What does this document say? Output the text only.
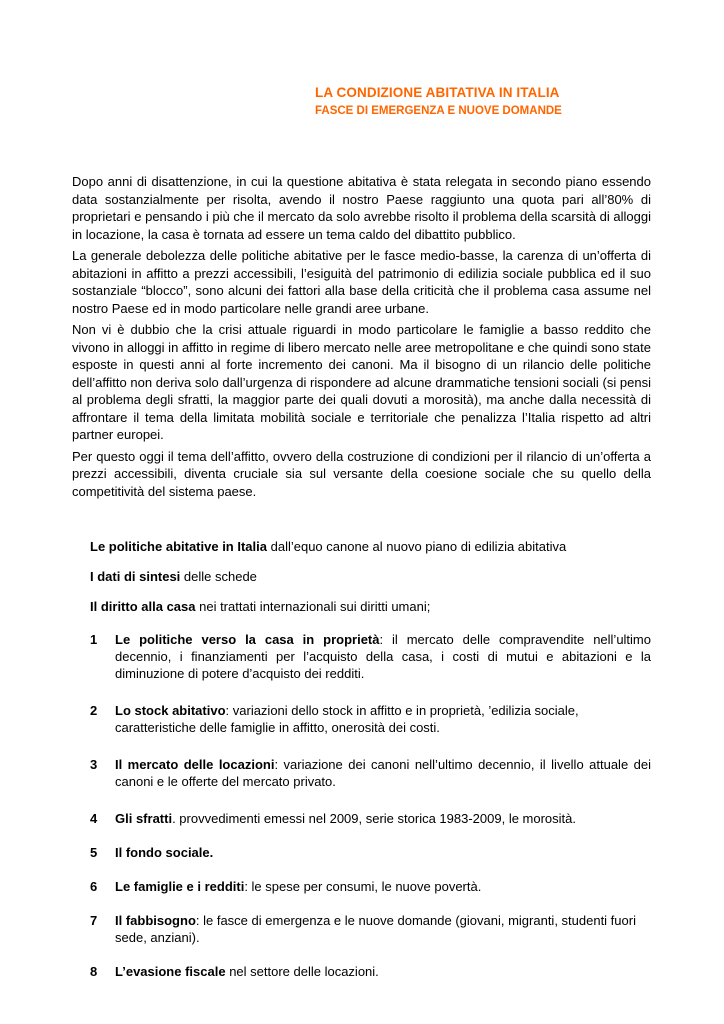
LA CONDIZIONE ABITATIVA IN ITALIA
FASCE DI EMERGENZA E NUOVE DOMANDE

Dopo anni di disattenzione, in cui la questione abitativa è stata relegata in secondo piano essendo data sostanzialmente per risolta, avendo il nostro Paese raggiunto una quota pari all’80% di proprietari e pensando i più che il mercato da solo avrebbe risolto il problema della scarsità di alloggi in locazione, la casa è tornata ad essere un tema caldo del dibattito pubblico.

La generale debolezza delle politiche abitative per le fasce medio-basse, la carenza di un’offerta di abitazioni in affitto a prezzi accessibili, l’esiguità del patrimonio di edilizia sociale pubblica ed il suo sostanziale “blocco”, sono alcuni dei fattori alla base della criticità che il problema casa assume nel nostro Paese ed in modo particolare nelle grandi aree urbane.

Non vi è dubbio che la crisi attuale riguardi in modo particolare le famiglie a basso reddito che vivono in alloggi in affitto in regime di libero mercato nelle aree metropolitane e che quindi sono state esposte in questi anni al forte incremento dei canoni. Ma il bisogno di un rilancio delle politiche dell’affitto non deriva solo dall’urgenza di rispondere ad alcune drammatiche tensioni sociali (si pensi al problema degli sfratti, la maggior parte dei quali dovuti a morosità), ma anche dalla necessità di affrontare il tema della limitata mobilità sociale e territoriale che penalizza l’Italia rispetto ad altri partner europei.

Per questo oggi il tema dell’affitto, ovvero della costruzione di condizioni per il rilancio di un’offerta a prezzi accessibili, diventa cruciale sia sul versante della coesione sociale che su quello della competitività del sistema paese.

Le politiche abitative in Italia dall’equo canone al nuovo piano di edilizia abitativa
I dati di sintesi delle schede
Il diritto alla casa nei trattati internazionali sui diritti umani;
1	Le politiche verso la casa in proprietà: il mercato delle compravendite nell’ultimo decennio, i finanziamenti per l’acquisto della casa, i costi di mutui e abitazioni e la diminuzione di potere d’acquisto dei redditi.
2	Lo stock abitativo: variazioni dello stock in affitto e in proprietà, ’edilizia sociale, caratteristiche delle famiglie in affitto, onerosità dei costi.
3	Il mercato delle locazioni: variazione dei canoni nell’ultimo decennio, il livello attuale dei canoni e le offerte del mercato privato.
4	Gli sfratti. provvedimenti emessi nel 2009, serie storica 1983-2009, le morosità.
5	Il fondo sociale.
6	Le famiglie e i redditi: le spese per consumi, le nuove povertà.
7	Il fabbisogno: le fasce di emergenza e le nuove domande (giovani, migranti, studenti fuori sede, anziani).
8	L’evasione fiscale nel settore delle locazioni.
